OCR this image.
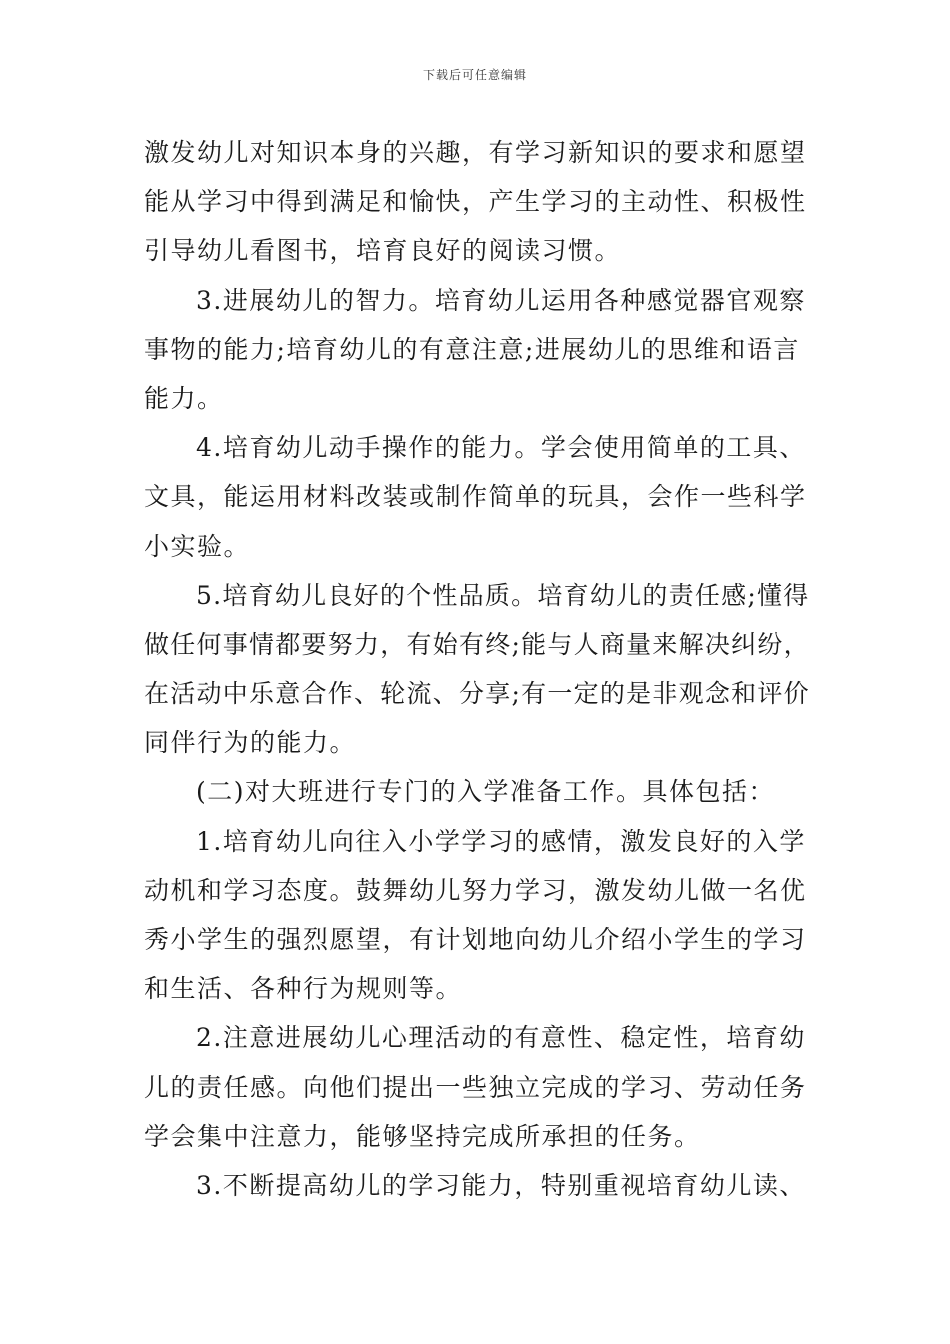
下载后可任意编辑
激发幼儿对知识本身的兴趣，有学习新知识的要求和愿望
能从学习中得到满足和愉快，产生学习的主动性、积极性
引导幼儿看图书，培育良好的阅读习惯。
3.进展幼儿的智力。培育幼儿运用各种感觉器官观察
事物的能力;培育幼儿的有意注意;进展幼儿的思维和语言
能力。
4.培育幼儿动手操作的能力。学会使用简单的工具、
文具，能运用材料改装或制作简单的玩具，会作一些科学
小实验。
5.培育幼儿良好的个性品质。培育幼儿的责任感;懂得
做任何事情都要努力，有始有终;能与人商量来解决纠纷，
在活动中乐意合作、轮流、分享;有一定的是非观念和评价
同伴行为的能力。
(二)对大班进行专门的入学准备工作。具体包括：
1.培育幼儿向往入小学学习的感情，激发良好的入学
动机和学习态度。鼓舞幼儿努力学习，激发幼儿做一名优
秀小学生的强烈愿望，有计划地向幼儿介绍小学生的学习
和生活、各种行为规则等。
2.注意进展幼儿心理活动的有意性、稳定性，培育幼
儿的责任感。向他们提出一些独立完成的学习、劳动任务
学会集中注意力，能够坚持完成所承担的任务。
3.不断提高幼儿的学习能力，特别重视培育幼儿读、
